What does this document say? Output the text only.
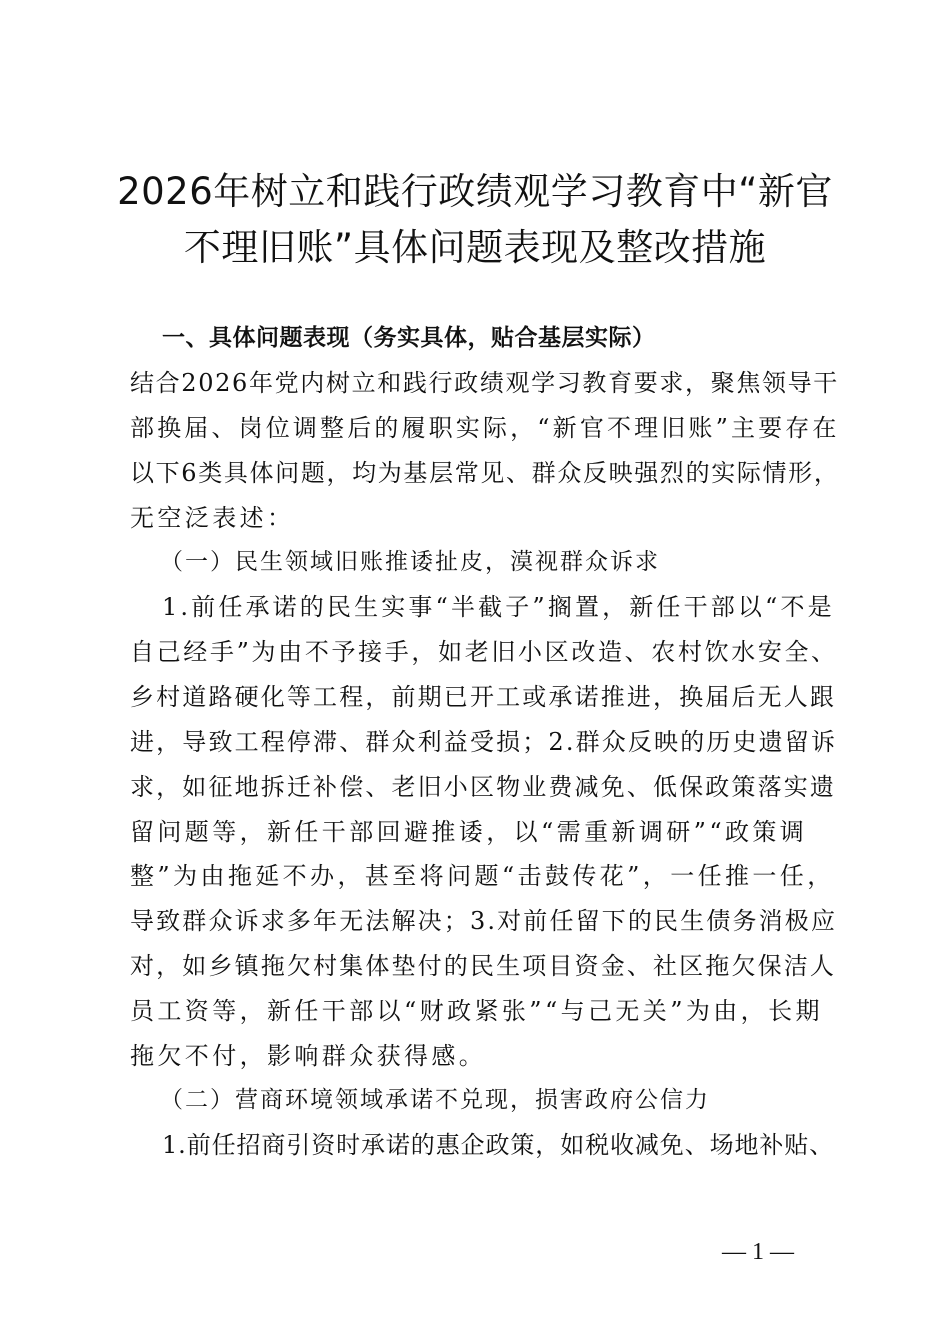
2026年树立和践行政绩观学习教育中“新官
不理旧账”具体问题表现及整改措施
一、具体问题表现（务实具体，贴合基层实际）
结合2026年党内树立和践行政绩观学习教育要求，聚焦领导干
部换届、岗位调整后的履职实际，“新官不理旧账”主要存在
以下6类具体问题，均为基层常见、群众反映强烈的实际情形，
无空泛表述：
（一）民生领域旧账推诿扯皮，漠视群众诉求
1.前任承诺的民生实事“半截子”搁置，新任干部以“不是
自己经手”为由不予接手，如老旧小区改造、农村饮水安全、
乡村道路硬化等工程，前期已开工或承诺推进，换届后无人跟
进，导致工程停滞、群众利益受损；2.群众反映的历史遗留诉
求，如征地拆迁补偿、老旧小区物业费减免、低保政策落实遗
留问题等，新任干部回避推诿，以“需重新调研”“政策调
整”为由拖延不办，甚至将问题“击鼓传花”，一任推一任，
导致群众诉求多年无法解决；3.对前任留下的民生债务消极应
对，如乡镇拖欠村集体垫付的民生项目资金、社区拖欠保洁人
员工资等，新任干部以“财政紧张”“与己无关”为由，长期
拖欠不付，影响群众获得感。
（二）营商环境领域承诺不兑现，损害政府公信力
1.前任招商引资时承诺的惠企政策，如税收减免、场地补贴、
— 1 —
